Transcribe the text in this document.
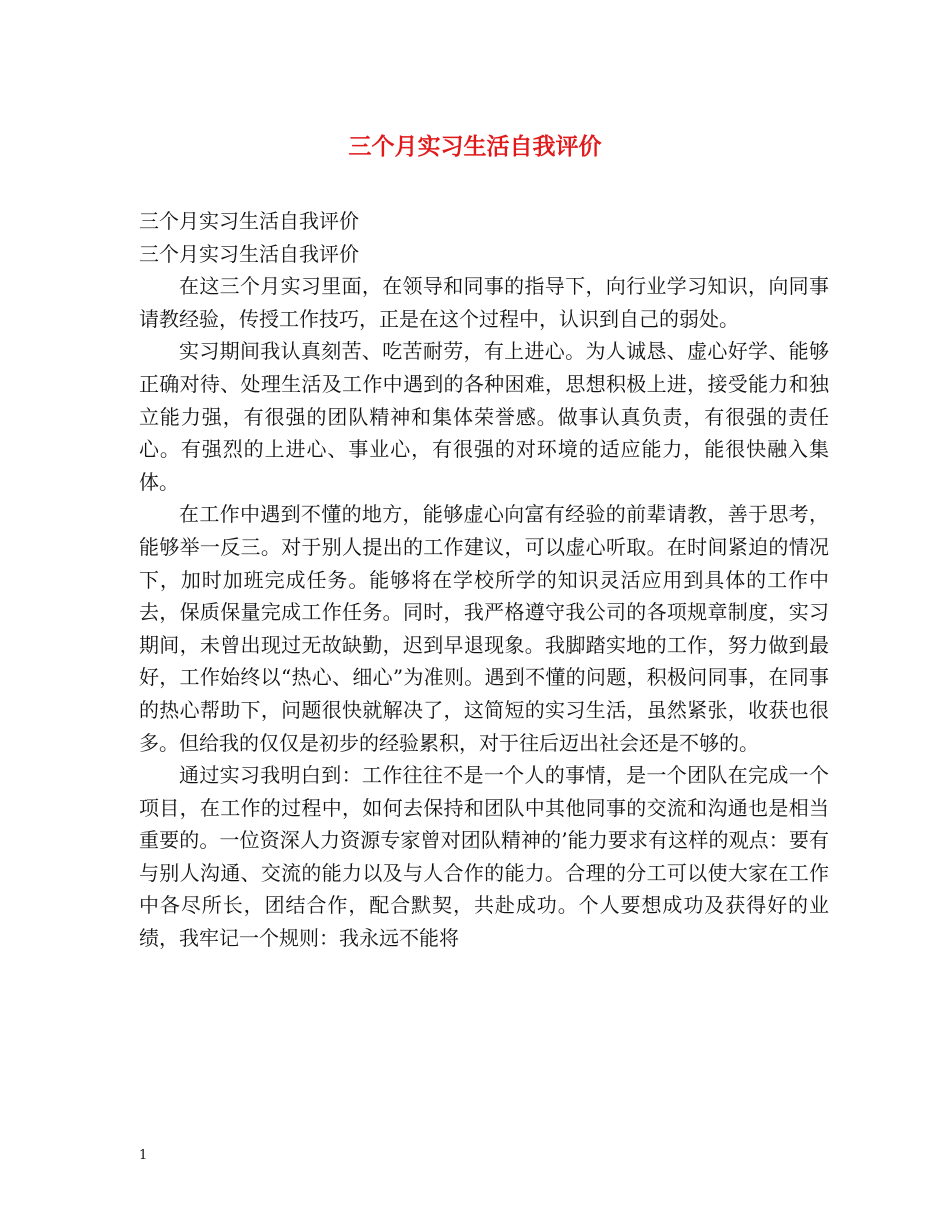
三个月实习生活自我评价

三个月实习生活自我评价

三个月实习生活自我评价

在这三个月实习里面，在领导和同事的指导下，向行业学习知识，向同事请教经验，传授工作技巧，正是在这个过程中，认识到自己的弱处。

实习期间我认真刻苦、吃苦耐劳，有上进心。为人诚恳、虚心好学、能够正确对待、处理生活及工作中遇到的各种困难，思想积极上进，接受能力和独立能力强，有很强的团队精神和集体荣誉感。做事认真负责，有很强的责任心。有强烈的上进心、事业心，有很强的对环境的适应能力，能很快融入集体。

在工作中遇到不懂的地方，能够虚心向富有经验的前辈请教，善于思考，能够举一反三。对于别人提出的工作建议，可以虚心听取。在时间紧迫的情况下，加时加班完成任务。能够将在学校所学的知识灵活应用到具体的工作中去，保质保量完成工作任务。同时，我严格遵守我公司的各项规章制度，实习期间，未曾出现过无故缺勤，迟到早退现象。我脚踏实地的工作，努力做到最好，工作始终以“热心、细心”为准则。遇到不懂的问题，积极问同事，在同事的热心帮助下，问题很快就解决了，这简短的实习生活，虽然紧张，收获也很多。但给我的仅仅是初步的经验累积，对于往后迈出社会还是不够的。

通过实习我明白到：工作往往不是一个人的事情，是一个团队在完成一个项目，在工作的过程中，如何去保持和团队中其他同事的交流和沟通也是相当重要的。一位资深人力资源专家曾对团队精神的’能力要求有这样的观点：要有与别人沟通、交流的能力以及与人合作的能力。合理的分工可以使大家在工作中各尽所长，团结合作，配合默契，共赴成功。个人要想成功及获得好的业绩，我牢记一个规则：我永远不能将

1
